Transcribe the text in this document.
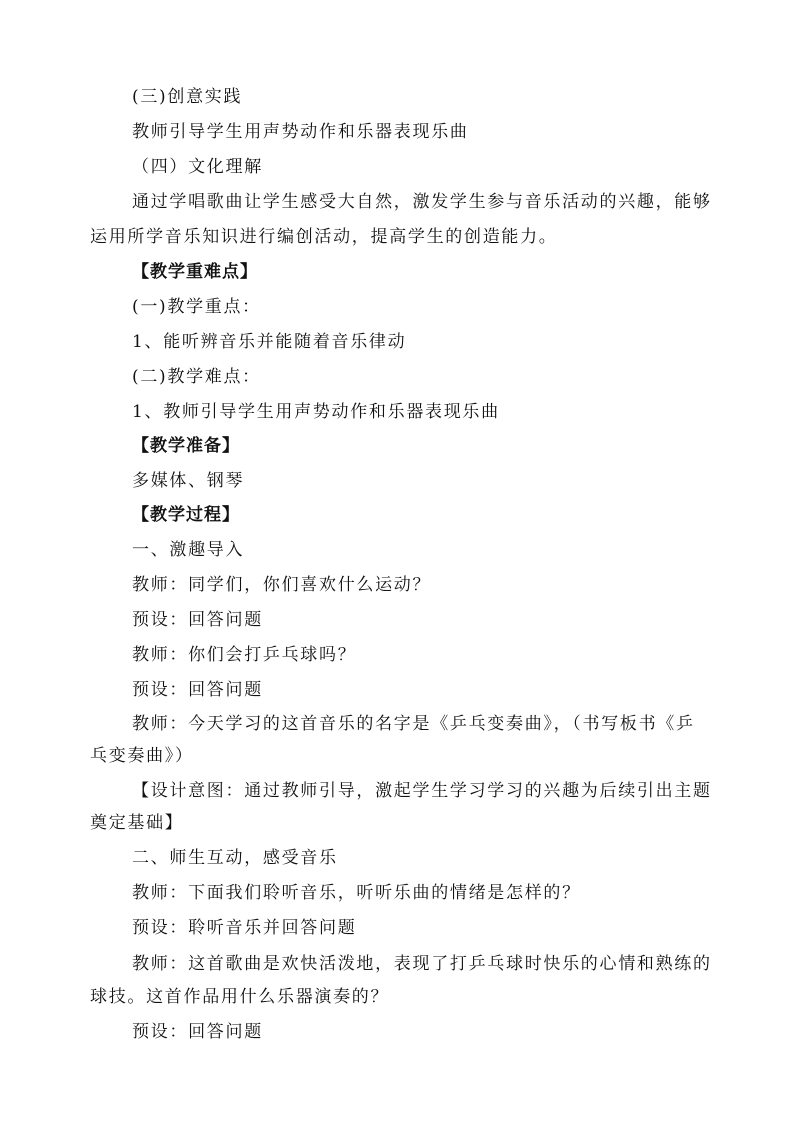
(三)创意实践
教师引导学生用声势动作和乐器表现乐曲
（四）文化理解
通过学唱歌曲让学生感受大自然，激发学生参与音乐活动的兴趣，能够
运用所学音乐知识进行编创活动，提高学生的创造能力。
【教学重难点】
(一)教学重点：
1、能听辨音乐并能随着音乐律动
(二)教学难点：
1、教师引导学生用声势动作和乐器表现乐曲
【教学准备】
多媒体、钢琴
【教学过程】
一、激趣导入
教师：同学们，你们喜欢什么运动？
预设：回答问题
教师：你们会打乒乓球吗？
预设：回答问题
教师：今天学习的这首音乐的名字是《乒乓变奏曲》，（书写板书《乒
乓变奏曲》）
【设计意图：通过教师引导，激起学生学习学习的兴趣为后续引出主题
奠定基础】
二、师生互动，感受音乐
教师：下面我们聆听音乐，听听乐曲的情绪是怎样的？
预设：聆听音乐并回答问题
教师：这首歌曲是欢快活泼地，表现了打乒乓球时快乐的心情和熟练的
球技。这首作品用什么乐器演奏的？
预设：回答问题
